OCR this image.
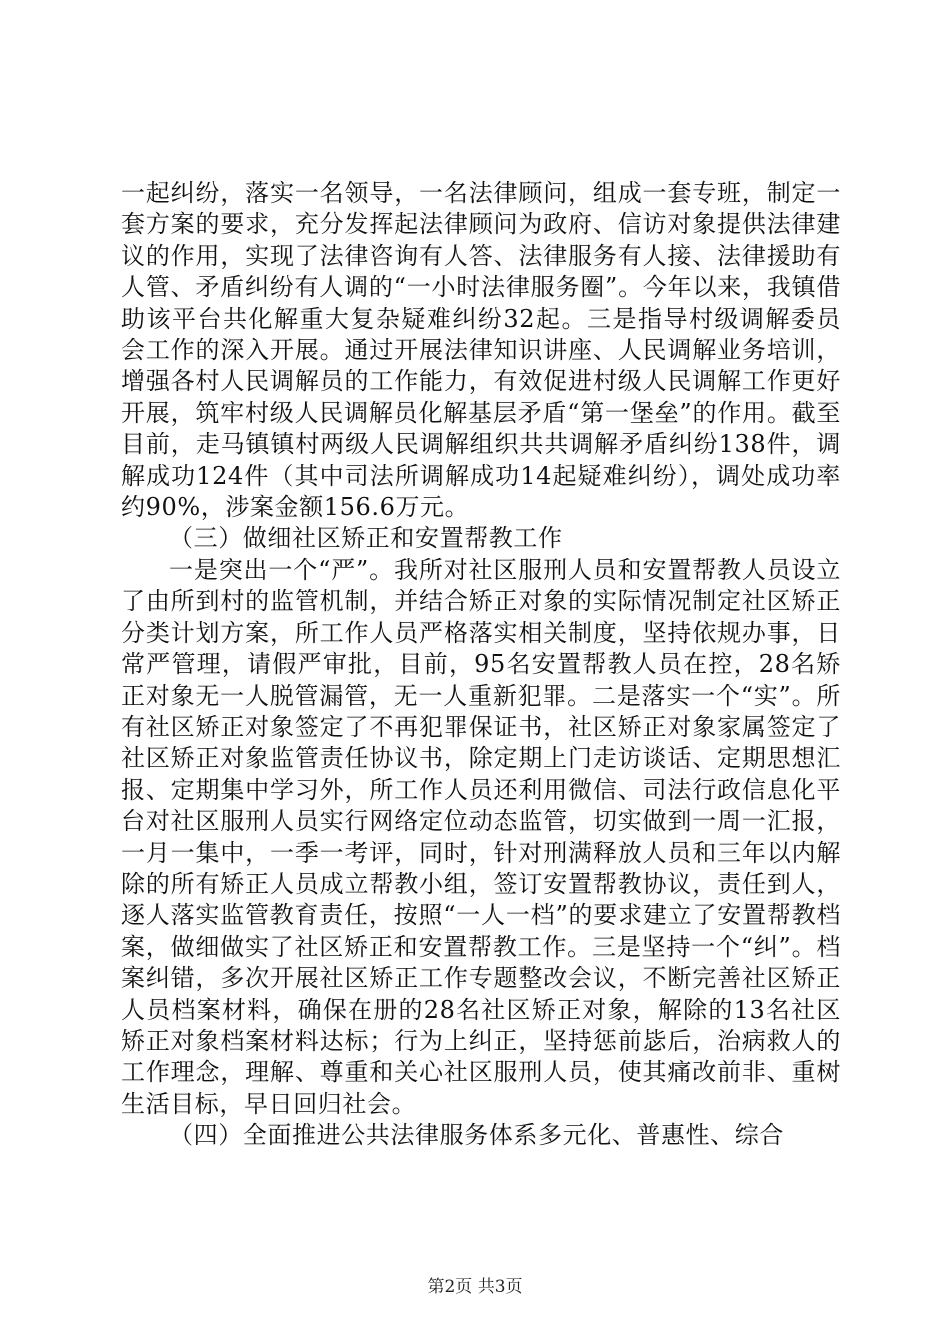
一起纠纷，落实一名领导，一名法律顾问，组成一套专班，制定一套方案的要求，充分发挥起法律顾问为政府、信访对象提供法律建议的作用，实现了法律咨询有人答、法律服务有人接、法律援助有人管、矛盾纠纷有人调的“一小时法律服务圈”。今年以来，我镇借助该平台共化解重大复杂疑难纠纷32起。三是指导村级调解委员会工作的深入开展。通过开展法律知识讲座、人民调解业务培训，增强各村人民调解员的工作能力，有效促进村级人民调解工作更好开展，筑牢村级人民调解员化解基层矛盾“第一堡垒”的作用。截至目前，走马镇镇村两级人民调解组织共共调解矛盾纠纷138件，调解成功124件（其中司法所调解成功14起疑难纠纷），调处成功率约90%，涉案金额156.6万元。

（三）做细社区矫正和安置帮教工作

一是突出一个“严”。我所对社区服刑人员和安置帮教人员设立了由所到村的监管机制，并结合矫正对象的实际情况制定社区矫正分类计划方案，所工作人员严格落实相关制度，坚持依规办事，日常严管理，请假严审批，目前，95名安置帮教人员在控，28名矫正对象无一人脱管漏管，无一人重新犯罪。二是落实一个“实”。所有社区矫正对象签定了不再犯罪保证书，社区矫正对象家属签定了社区矫正对象监管责任协议书，除定期上门走访谈话、定期思想汇报、定期集中学习外，所工作人员还利用微信、司法行政信息化平台对社区服刑人员实行网络定位动态监管，切实做到一周一汇报，一月一集中，一季一考评，同时，针对刑满释放人员和三年以内解除的所有矫正人员成立帮教小组，签订安置帮教协议，责任到人，逐人落实监管教育责任，按照“一人一档”的要求建立了安置帮教档案，做细做实了社区矫正和安置帮教工作。三是坚持一个“纠”。档案纠错，多次开展社区矫正工作专题整改会议，不断完善社区矫正人员档案材料，确保在册的28名社区矫正对象，解除的13名社区矫正对象档案材料达标；行为上纠正，坚持惩前毖后，治病救人的工作理念，理解、尊重和关心社区服刑人员，使其痛改前非、重树生活目标，早日回归社会。

（四）全面推进公共法律服务体系多元化、普惠性、综合

第2页 共3页
